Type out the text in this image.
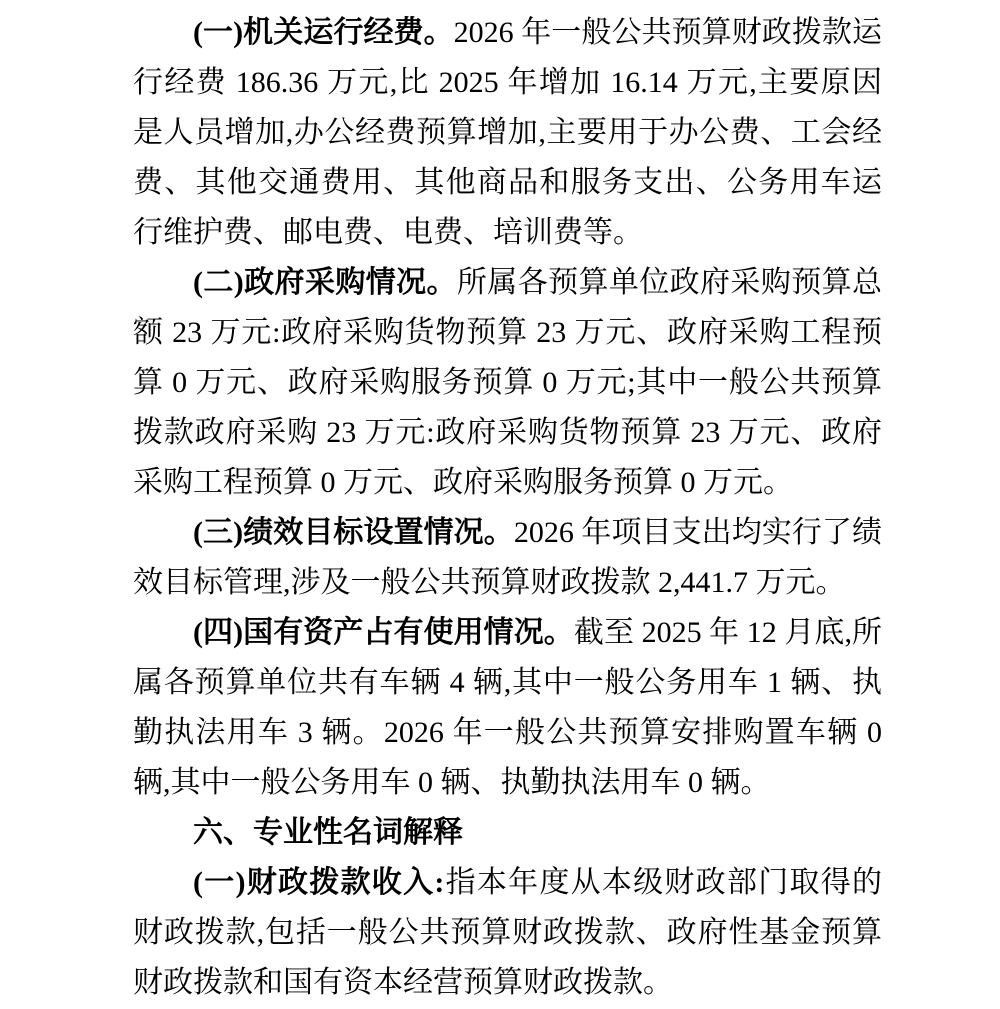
(一)机关运行经费。2026 年一般公共预算财政拨款运行经费 186.36 万元,比 2025 年增加 16.14 万元,主要原因是人员增加,办公经费预算增加,主要用于办公费、工会经费、其他交通费用、其他商品和服务支出、公务用车运行维护费、邮电费、电费、培训费等。

(二)政府采购情况。所属各预算单位政府采购预算总额 23 万元:政府采购货物预算 23 万元、政府采购工程预算 0 万元、政府采购服务预算 0 万元;其中一般公共预算拨款政府采购 23 万元:政府采购货物预算 23 万元、政府采购工程预算 0 万元、政府采购服务预算 0 万元。

(三)绩效目标设置情况。2026 年项目支出均实行了绩效目标管理,涉及一般公共预算财政拨款 2,441.7 万元。

(四)国有资产占有使用情况。截至 2025 年 12 月底,所属各预算单位共有车辆 4 辆,其中一般公务用车 1 辆、执勤执法用车 3 辆。2026 年一般公共预算安排购置车辆 0 辆,其中一般公务用车 0 辆、执勤执法用车 0 辆。

六、专业性名词解释

(一)财政拨款收入:指本年度从本级财政部门取得的财政拨款,包括一般公共预算财政拨款、政府性基金预算财政拨款和国有资本经营预算财政拨款。
